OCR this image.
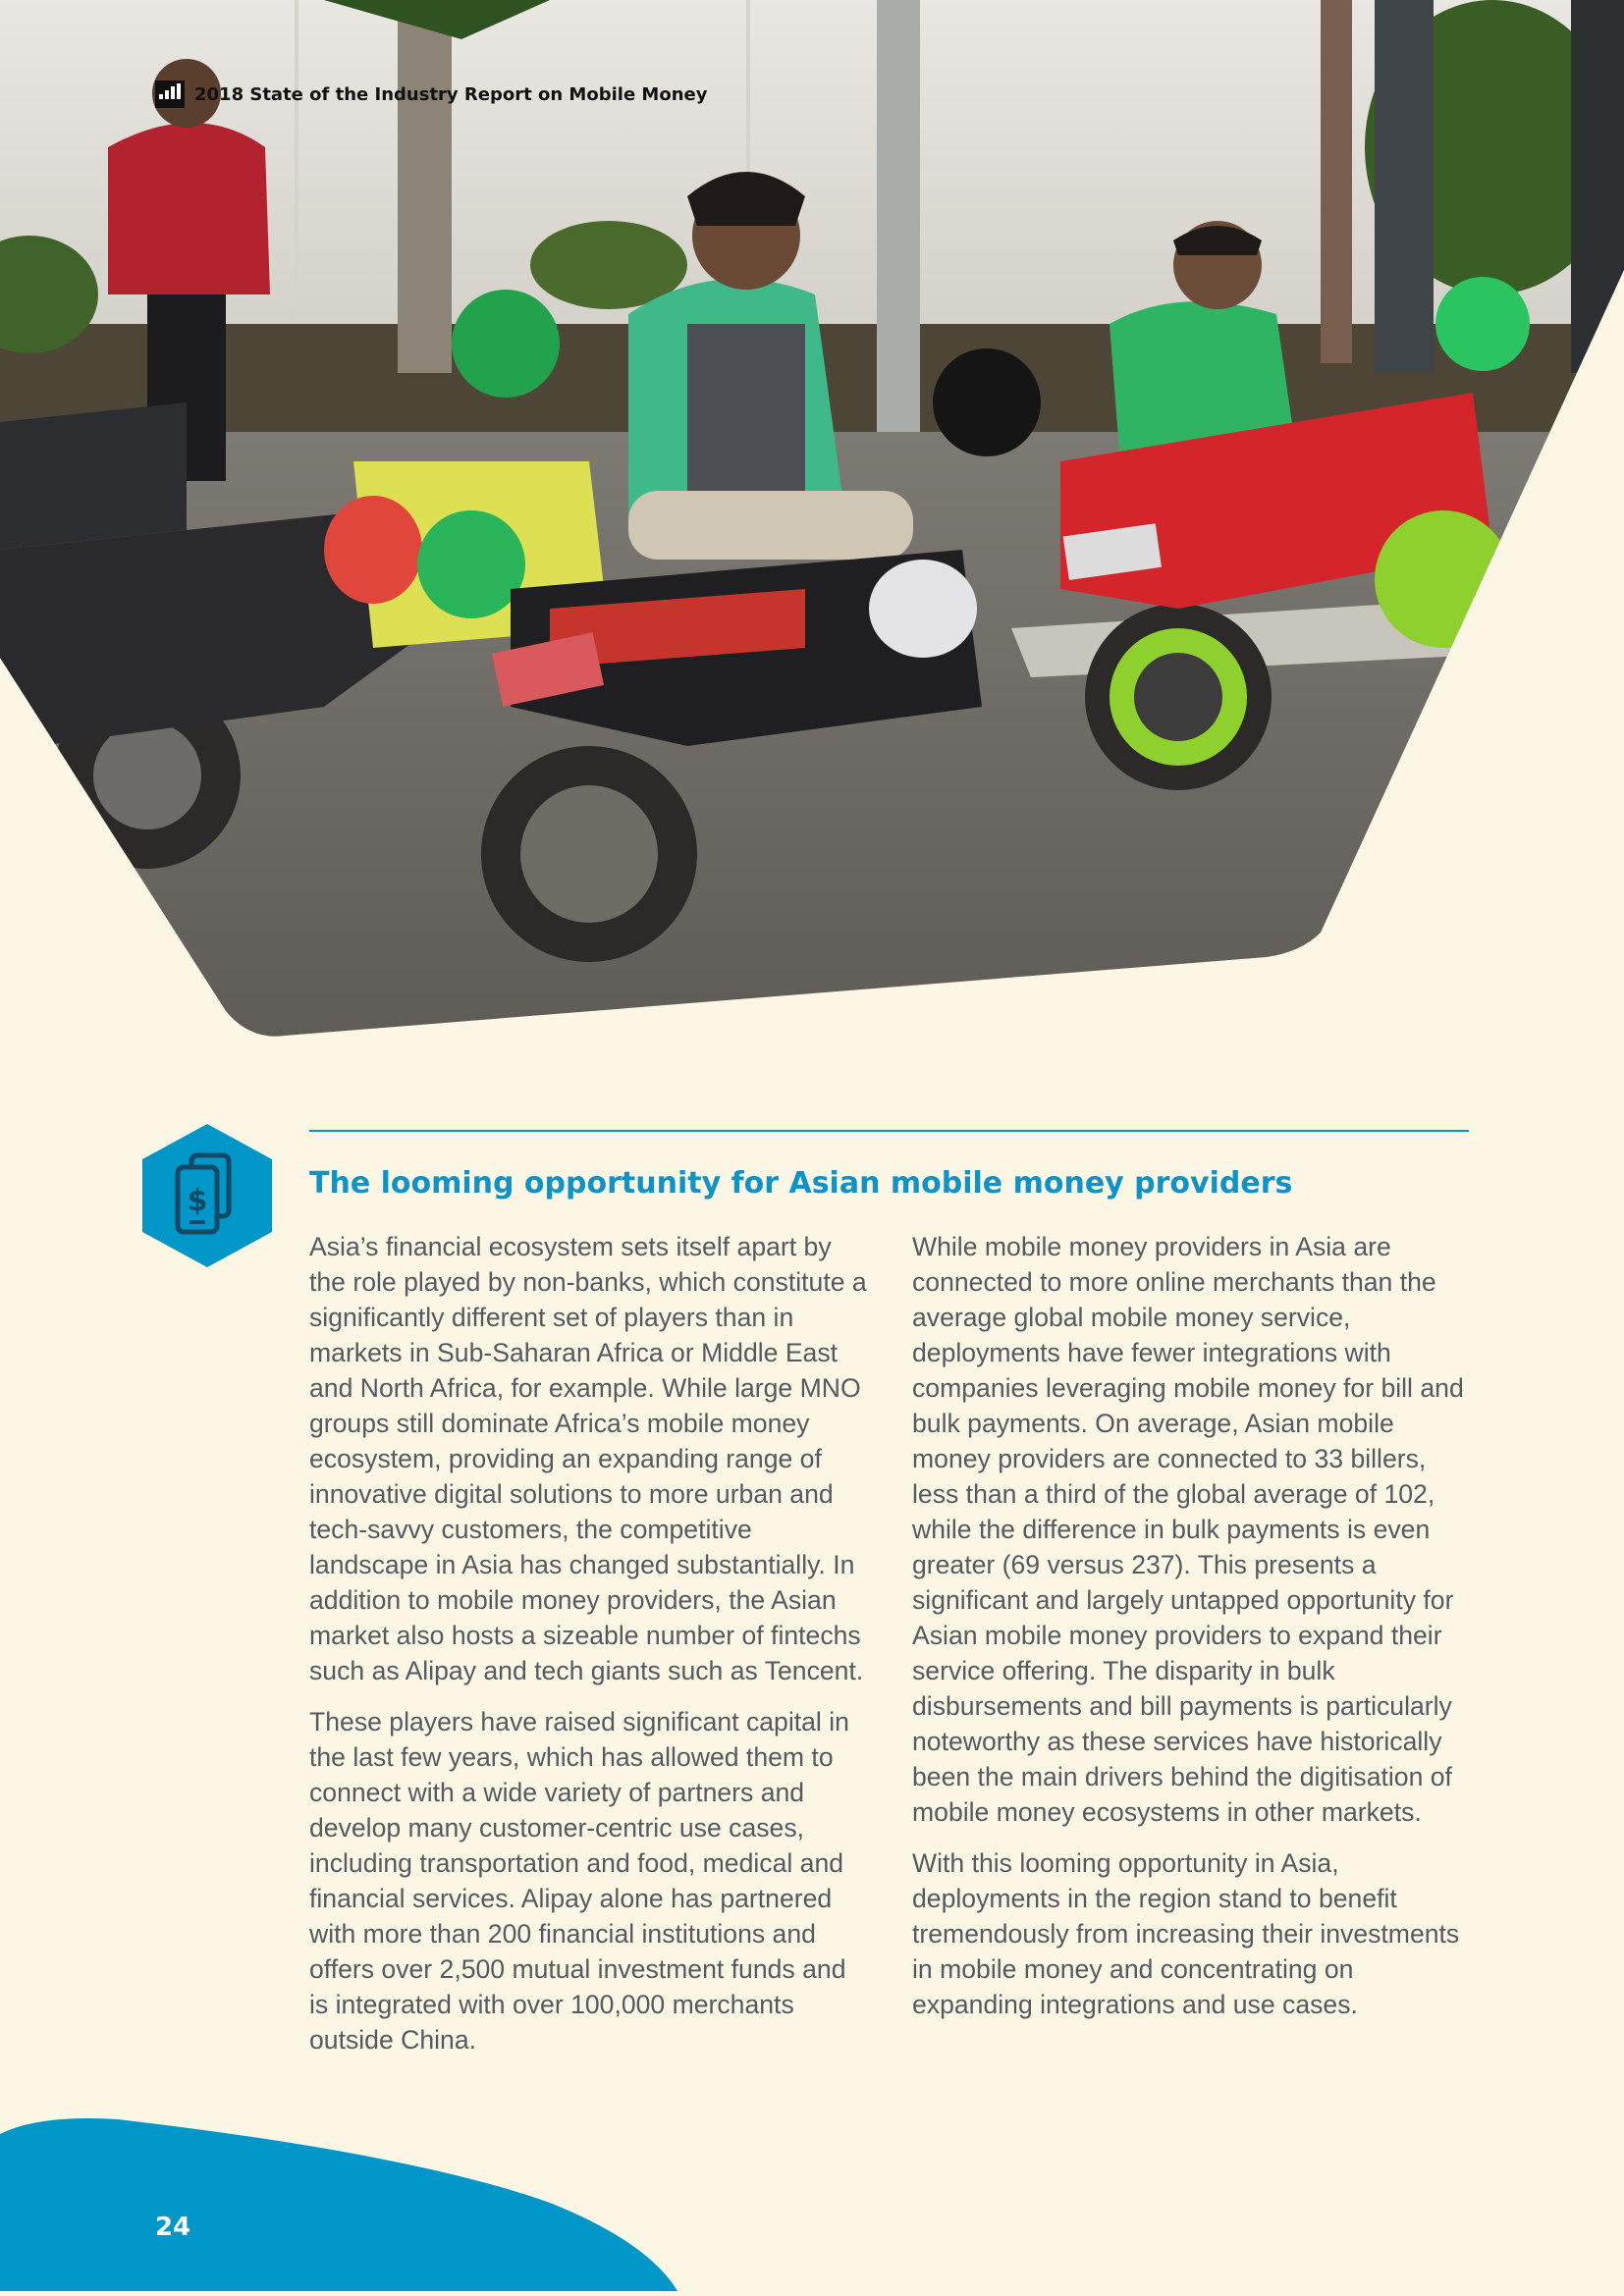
2018 State of the Industry Report on Mobile Money
$
The looming opportunity for Asian mobile money providers

Asia’s financial ecosystem sets itself apart by the role played by non-banks, which constitute a significantly different set of players than in markets in Sub-Saharan Africa or Middle East and North Africa, for example. While large MNO groups still dominate Africa’s mobile money ecosystem, providing an expanding range of innovative digital solutions to more urban and tech-savvy customers, the competitive landscape in Asia has changed substantially. In addition to mobile money providers, the Asian market also hosts a sizeable number of fintechs such as Alipay and tech giants such as Tencent.

These players have raised significant capital in the last few years, which has allowed them to connect with a wide variety of partners and develop many customer-centric use cases, including transportation and food, medical and financial services. Alipay alone has partnered with more than 200 financial institutions and offers over 2,500 mutual investment funds and is integrated with over 100,000 merchants outside China.

While mobile money providers in Asia are connected to more online merchants than the average global mobile money service, deployments have fewer integrations with companies leveraging mobile money for bill and bulk payments. On average, Asian mobile money providers are connected to 33 billers, less than a third of the global average of 102, while the difference in bulk payments is even greater (69 versus 237). This presents a significant and largely untapped opportunity for Asian mobile money providers to expand their service offering. The disparity in bulk disbursements and bill payments is particularly noteworthy as these services have historically been the main drivers behind the digitisation of mobile money ecosystems in other markets.

With this looming opportunity in Asia, deployments in the region stand to benefit tremendously from increasing their investments in mobile money and concentrating on expanding integrations and use cases.

24
